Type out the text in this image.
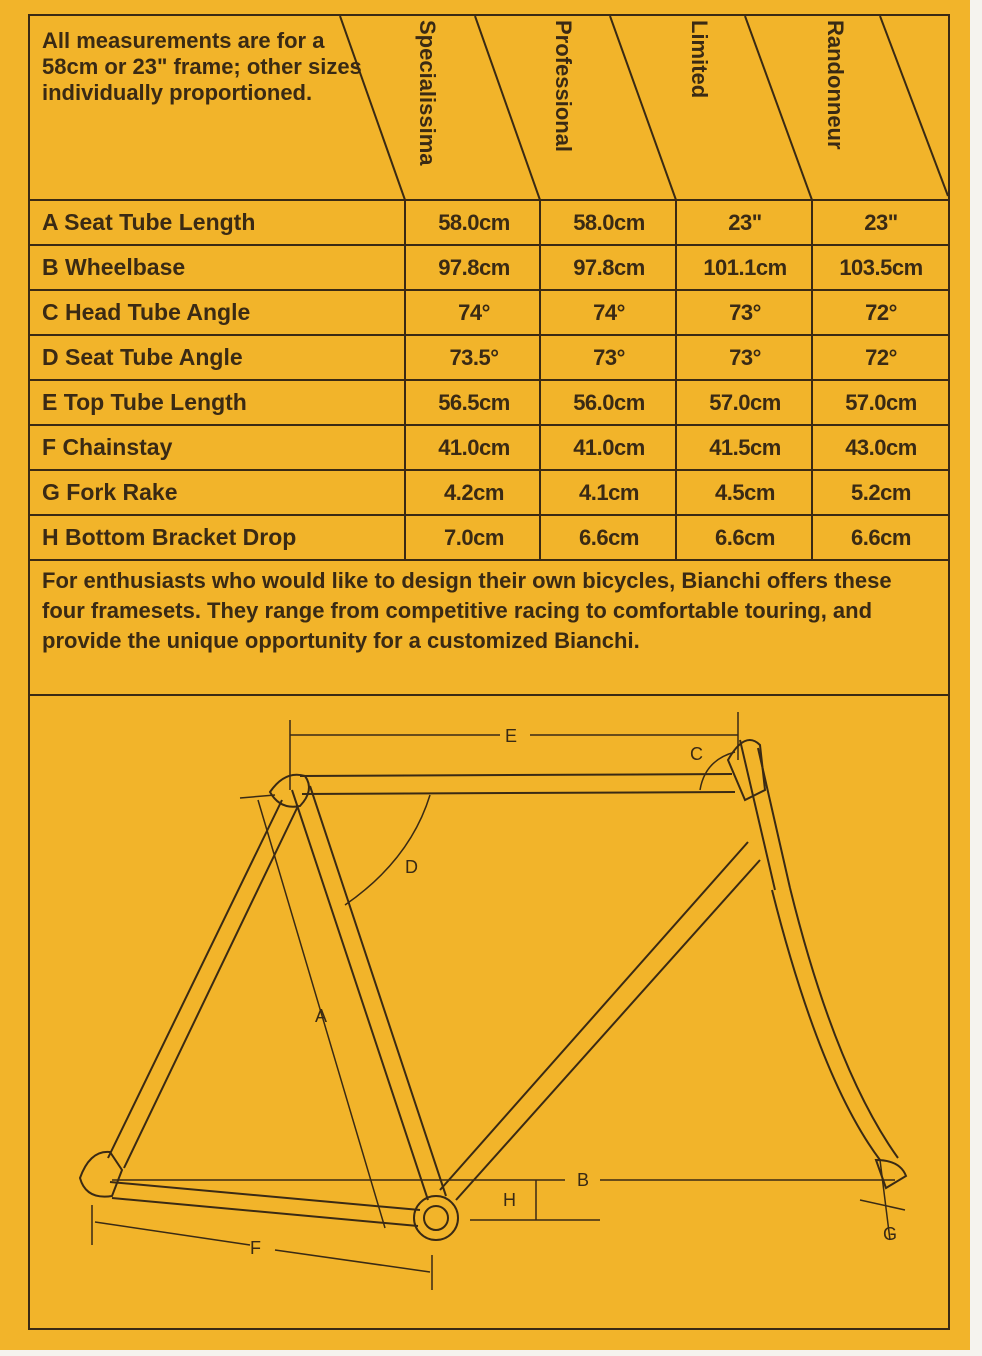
All measurements are for a 58cm or 23" frame; other sizes individually proportioned.	Specialissima	Professional	Limited	Randonneur
A Seat Tube Length	58.0cm	58.0cm	23"	23"
B Wheelbase	97.8cm	97.8cm	101.1cm	103.5cm
C Head Tube Angle	74°	74°	73°	72°
D Seat Tube Angle	73.5°	73°	73°	72°
E Top Tube Length	56.5cm	56.0cm	57.0cm	57.0cm
F Chainstay	41.0cm	41.0cm	41.5cm	43.0cm
G Fork Rake	4.2cm	4.1cm	4.5cm	5.2cm
H Bottom Bracket Drop	7.0cm	6.6cm	6.6cm	6.6cm
For enthusiasts who would like to design their own bicycles, Bianchi offers these four framesets. They range from competitive racing to comfortable touring, and provide the unique opportunity for a customized Bianchi.
E
C
D
A
B
H
F
G
